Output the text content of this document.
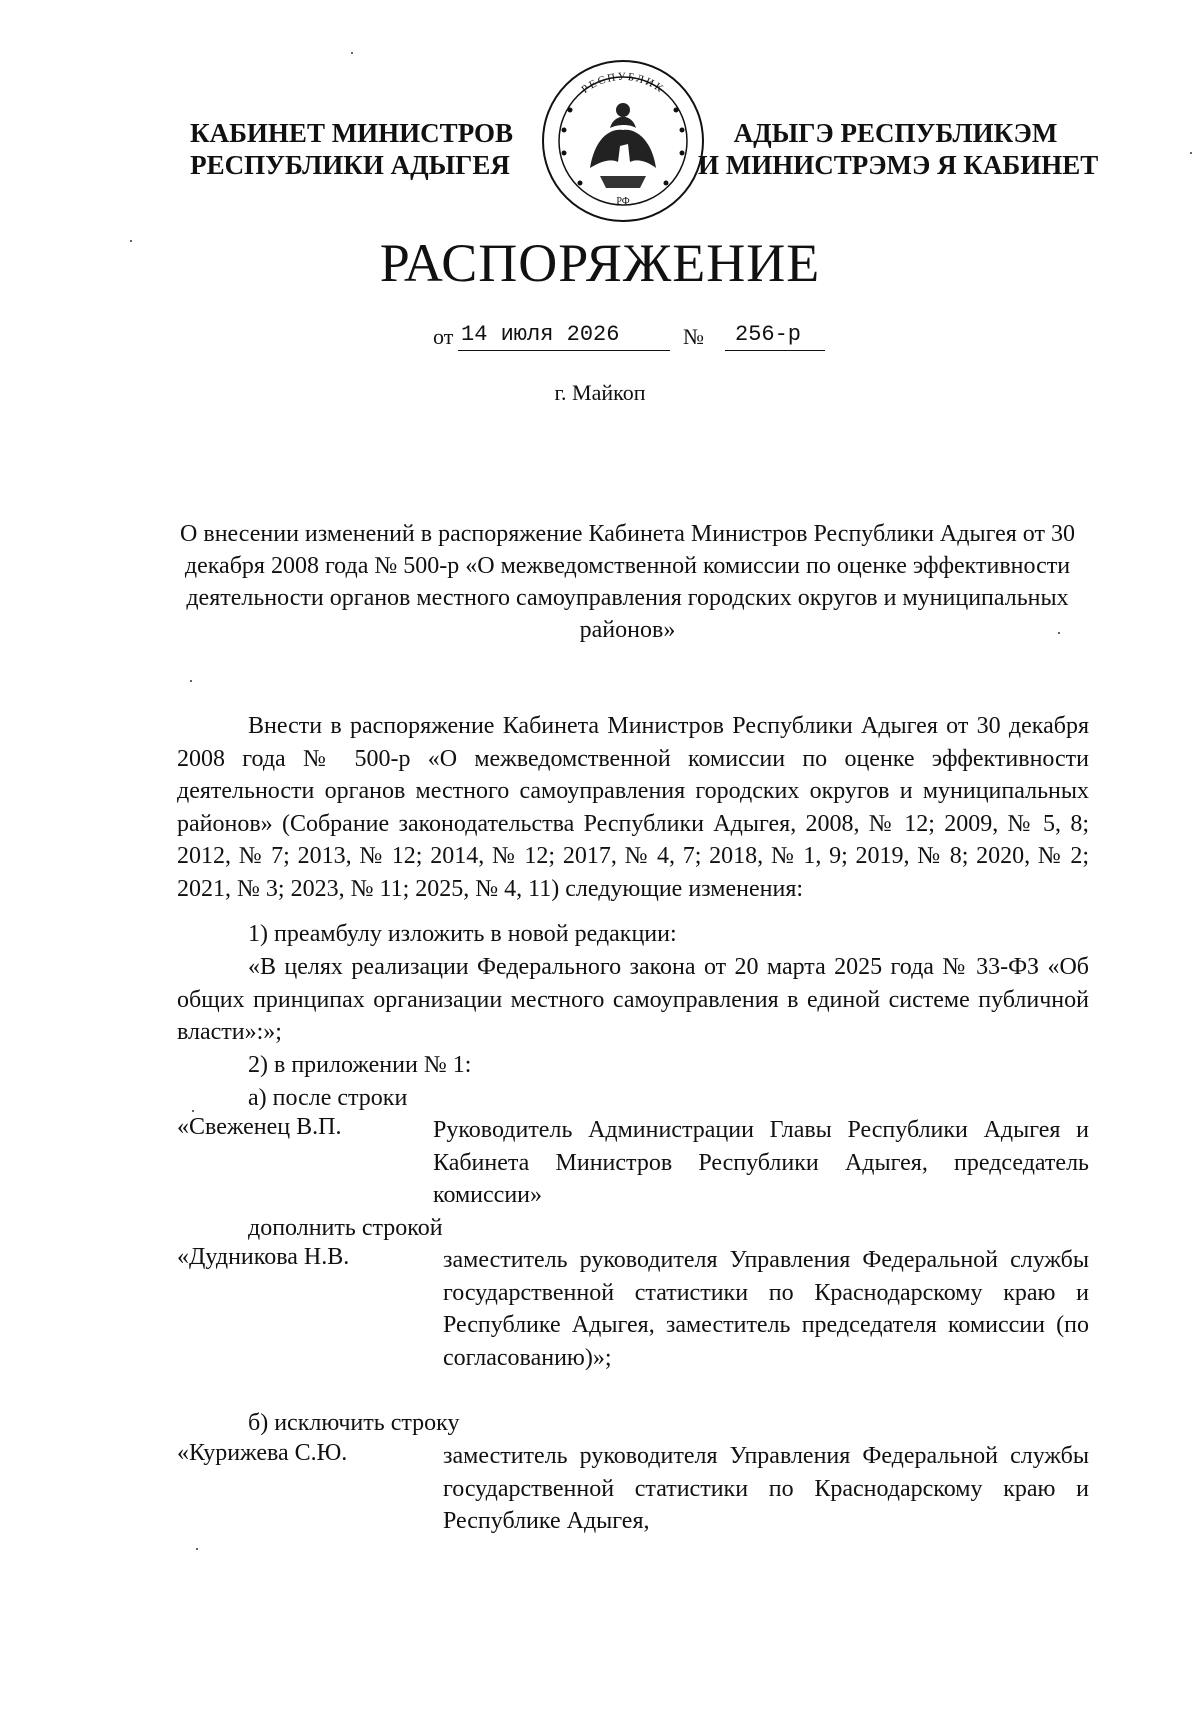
КАБИНЕТ МИНИСТРОВ
РЕСПУБЛИКИ АДЫГЕЯ
РЕСПУБЛИК
РФ
АДЫГЭ РЕСПУБЛИКЭМ
И МИНИСТРЭМЭ Я КАБИНЕТ
РАСПОРЯЖЕНИЕ
от 14 июля 2026	№ 256-р
г. Майкоп
О внесении изменений в распоряжение Кабинета Министров Республики Адыгея от 30 декабря 2008 года № 500-р «О межведомственной комиссии по оценке эффективности деятельности органов местного самоуправления городских округов и муниципальных районов»
Внести в распоряжение Кабинета Министров Республики Адыгея от 30 декабря 2008 года № 500-р «О межведомственной комиссии по оценке эффективности деятельности органов местного самоуправления городских округов и муниципальных районов» (Собрание законодательства Республики Адыгея, 2008, № 12; 2009, № 5, 8; 2012, № 7; 2013, № 12; 2014, № 12; 2017, № 4, 7; 2018, № 1, 9; 2019, № 8; 2020, № 2; 2021, № 3; 2023, № 11; 2025, № 4, 11) следующие изменения:
1) преамбулу изложить в новой редакции:
«В целях реализации Федерального закона от 20 марта 2025 года № 33-ФЗ «Об общих принципах организации местного самоуправления в единой системе публичной власти»:»;
2) в приложении № 1:
а) после строки
«Свеженец В.П.	Руководитель Администрации Главы Республики Адыгея и Кабинета Министров Республики Адыгея, председатель комиссии»
дополнить строкой
«Дудникова Н.В.	заместитель руководителя Управления Федеральной службы государственной статистики по Краснодарскому краю и Республике Адыгея, заместитель председателя комиссии (по согласованию)»;
б) исключить строку
«Курижева С.Ю.	заместитель руководителя Управления Федеральной службы государственной статистики по Краснодарскому краю и Республике Адыгея,
